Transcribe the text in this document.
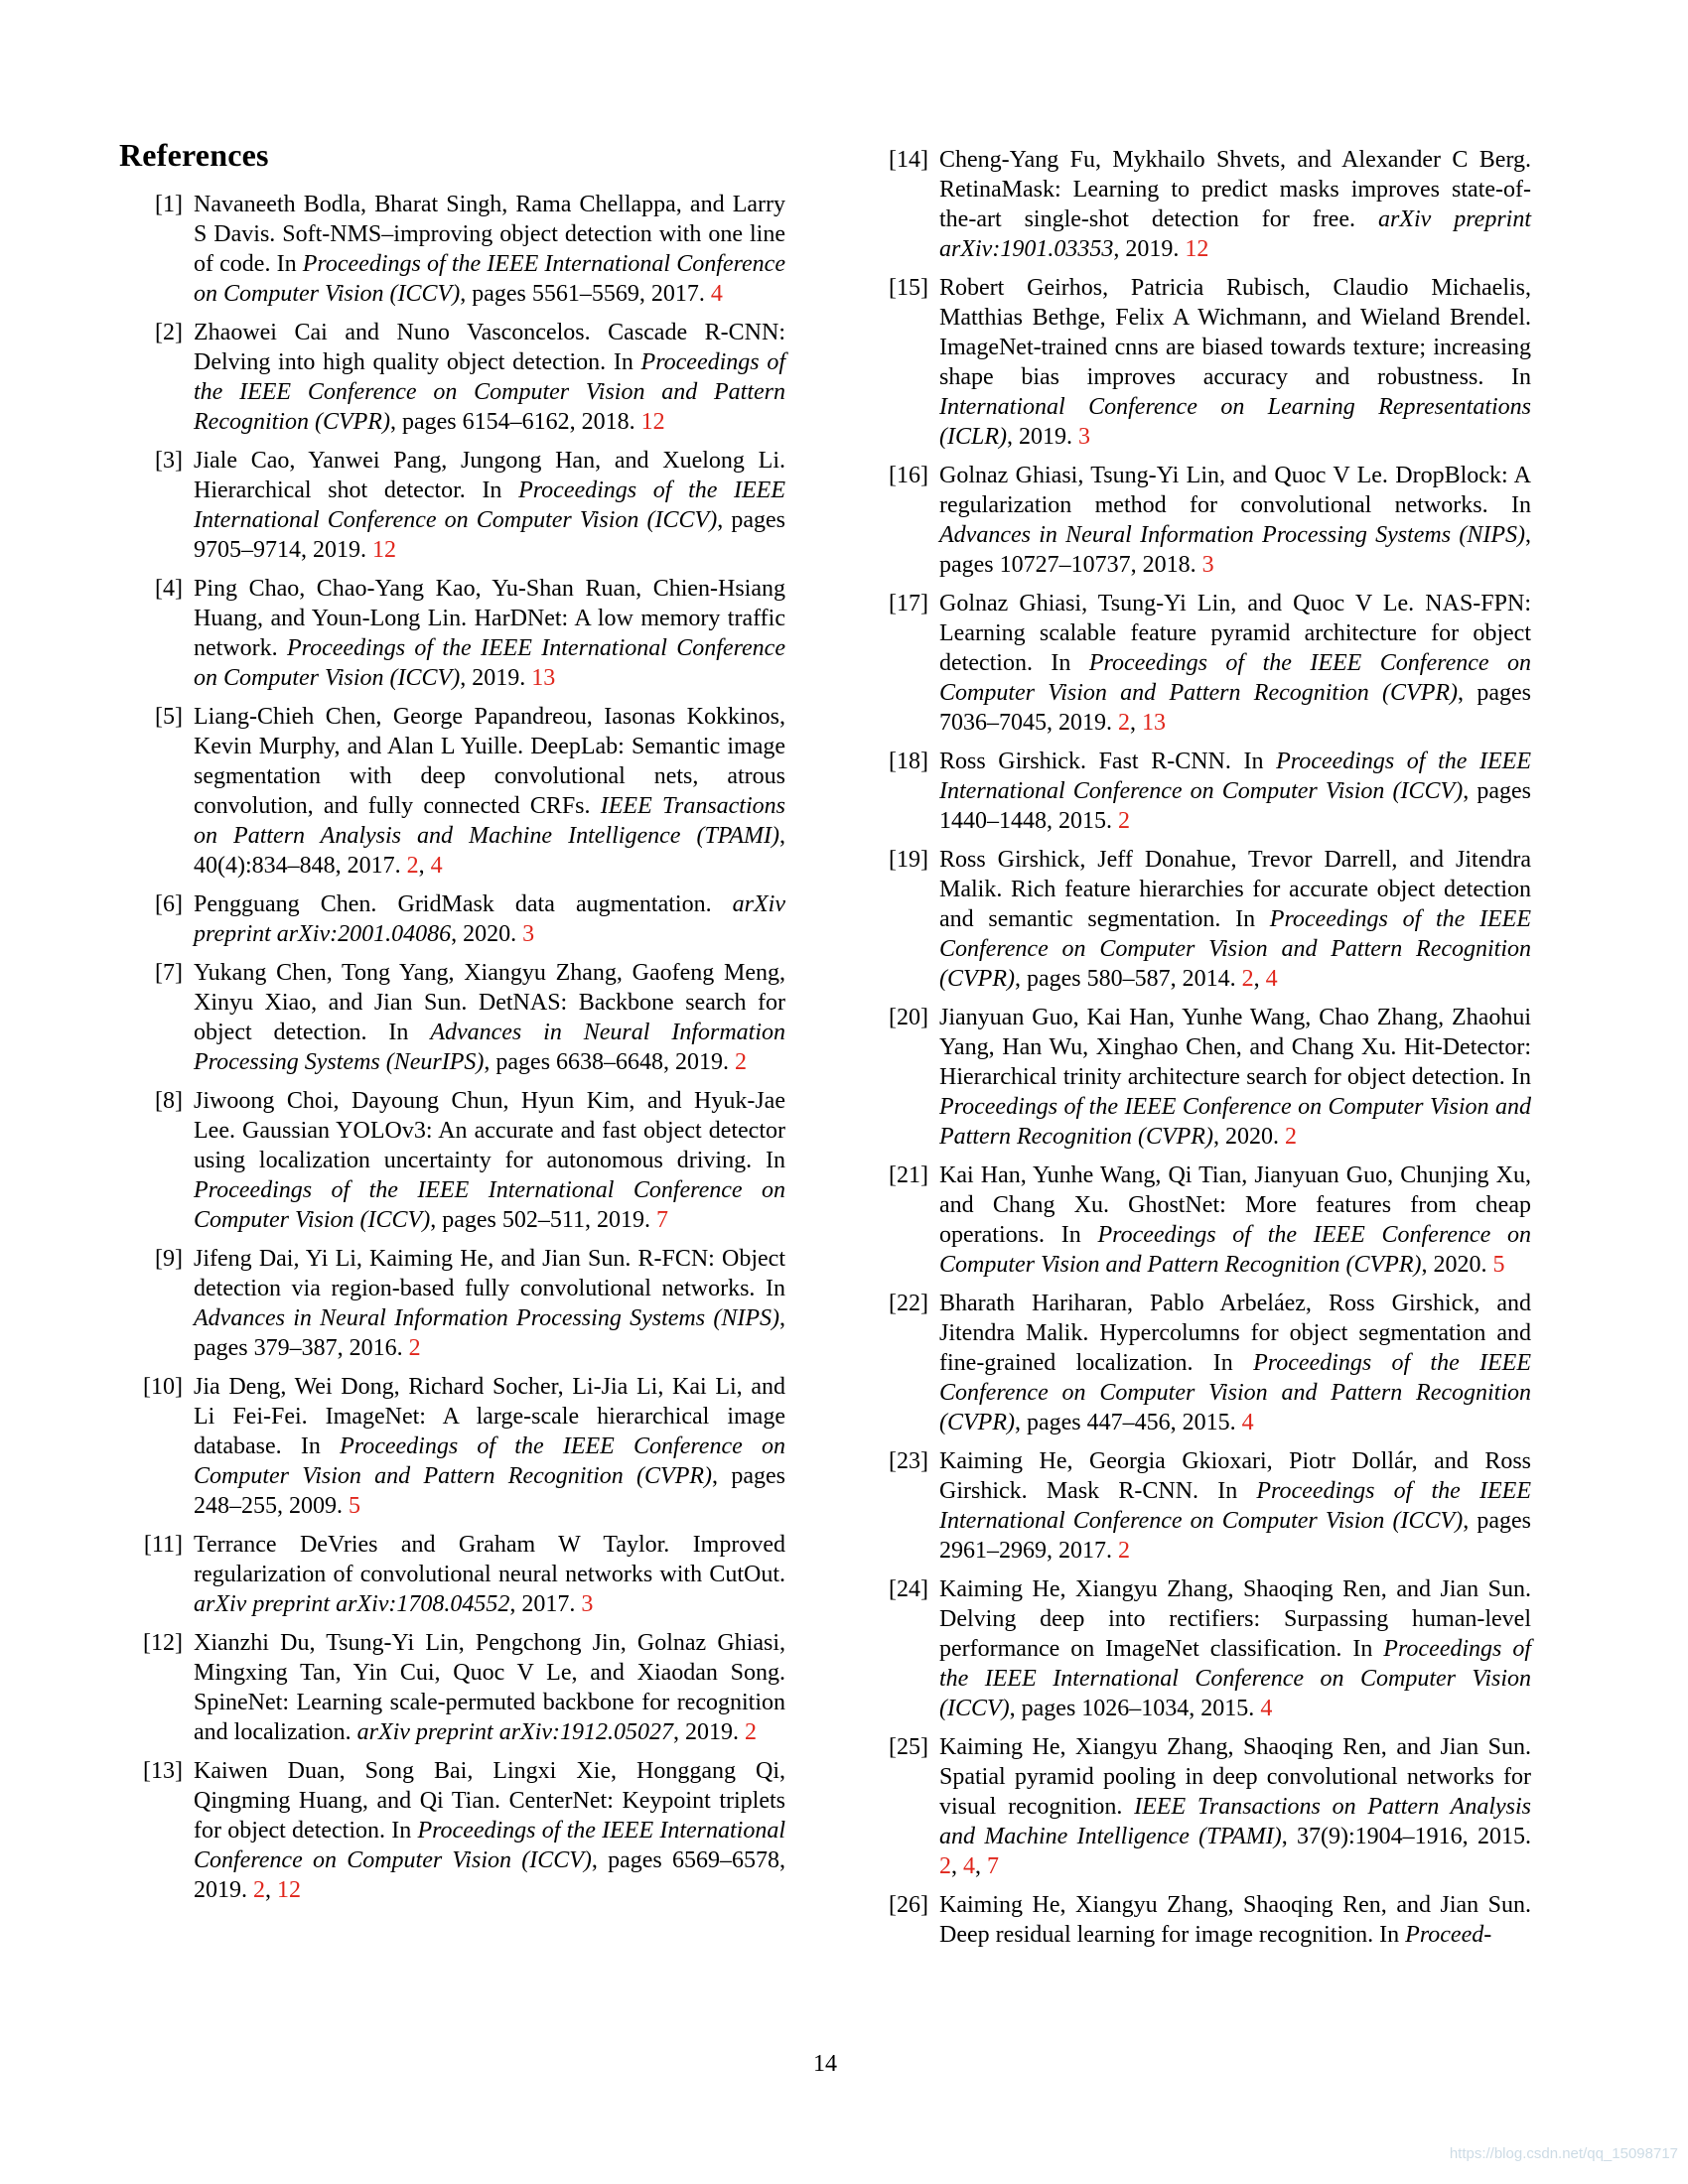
References
[1] Navaneeth Bodla, Bharat Singh, Rama Chellappa, and Larry S Davis. Soft-NMS–improving object detection with one line of code. In Proceedings of the IEEE International Conference on Computer Vision (ICCV), pages 5561–5569, 2017. 4
[2] Zhaowei Cai and Nuno Vasconcelos. Cascade R-CNN: Delving into high quality object detection. In Proceedings of the IEEE Conference on Computer Vision and Pattern Recognition (CVPR), pages 6154–6162, 2018. 12
[3] Jiale Cao, Yanwei Pang, Jungong Han, and Xuelong Li. Hierarchical shot detector. In Proceedings of the IEEE International Conference on Computer Vision (ICCV), pages 9705–9714, 2019. 12
[4] Ping Chao, Chao-Yang Kao, Yu-Shan Ruan, Chien-Hsiang Huang, and Youn-Long Lin. HarDNet: A low memory traffic network. Proceedings of the IEEE International Conference on Computer Vision (ICCV), 2019. 13
[5] Liang-Chieh Chen, George Papandreou, Iasonas Kokkinos, Kevin Murphy, and Alan L Yuille. DeepLab: Semantic image segmentation with deep convolutional nets, atrous convolution, and fully connected CRFs. IEEE Transactions on Pattern Analysis and Machine Intelligence (TPAMI), 40(4):834–848, 2017. 2, 4
[6] Pengguang Chen. GridMask data augmentation. arXiv preprint arXiv:2001.04086, 2020. 3
[7] Yukang Chen, Tong Yang, Xiangyu Zhang, Gaofeng Meng, Xinyu Xiao, and Jian Sun. DetNAS: Backbone search for object detection. In Advances in Neural Information Processing Systems (NeurIPS), pages 6638–6648, 2019. 2
[8] Jiwoong Choi, Dayoung Chun, Hyun Kim, and Hyuk-Jae Lee. Gaussian YOLOv3: An accurate and fast object detector using localization uncertainty for autonomous driving. In Proceedings of the IEEE International Conference on Computer Vision (ICCV), pages 502–511, 2019. 7
[9] Jifeng Dai, Yi Li, Kaiming He, and Jian Sun. R-FCN: Object detection via region-based fully convolutional networks. In Advances in Neural Information Processing Systems (NIPS), pages 379–387, 2016. 2
[10] Jia Deng, Wei Dong, Richard Socher, Li-Jia Li, Kai Li, and Li Fei-Fei. ImageNet: A large-scale hierarchical image database. In Proceedings of the IEEE Conference on Computer Vision and Pattern Recognition (CVPR), pages 248–255, 2009. 5
[11] Terrance DeVries and Graham W Taylor. Improved regularization of convolutional neural networks with CutOut. arXiv preprint arXiv:1708.04552, 2017. 3
[12] Xianzhi Du, Tsung-Yi Lin, Pengchong Jin, Golnaz Ghiasi, Mingxing Tan, Yin Cui, Quoc V Le, and Xiaodan Song. SpineNet: Learning scale-permuted backbone for recognition and localization. arXiv preprint arXiv:1912.05027, 2019. 2
[13] Kaiwen Duan, Song Bai, Lingxi Xie, Honggang Qi, Qingming Huang, and Qi Tian. CenterNet: Keypoint triplets for object detection. In Proceedings of the IEEE International Conference on Computer Vision (ICCV), pages 6569–6578, 2019. 2, 12
[14] Cheng-Yang Fu, Mykhailo Shvets, and Alexander C Berg. RetinaMask: Learning to predict masks improves state-of-the-art single-shot detection for free. arXiv preprint arXiv:1901.03353, 2019. 12
[15] Robert Geirhos, Patricia Rubisch, Claudio Michaelis, Matthias Bethge, Felix A Wichmann, and Wieland Brendel. ImageNet-trained cnns are biased towards texture; increasing shape bias improves accuracy and robustness. In International Conference on Learning Representations (ICLR), 2019. 3
[16] Golnaz Ghiasi, Tsung-Yi Lin, and Quoc V Le. DropBlock: A regularization method for convolutional networks. In Advances in Neural Information Processing Systems (NIPS), pages 10727–10737, 2018. 3
[17] Golnaz Ghiasi, Tsung-Yi Lin, and Quoc V Le. NAS-FPN: Learning scalable feature pyramid architecture for object detection. In Proceedings of the IEEE Conference on Computer Vision and Pattern Recognition (CVPR), pages 7036–7045, 2019. 2, 13
[18] Ross Girshick. Fast R-CNN. In Proceedings of the IEEE International Conference on Computer Vision (ICCV), pages 1440–1448, 2015. 2
[19] Ross Girshick, Jeff Donahue, Trevor Darrell, and Jitendra Malik. Rich feature hierarchies for accurate object detection and semantic segmentation. In Proceedings of the IEEE Conference on Computer Vision and Pattern Recognition (CVPR), pages 580–587, 2014. 2, 4
[20] Jianyuan Guo, Kai Han, Yunhe Wang, Chao Zhang, Zhaohui Yang, Han Wu, Xinghao Chen, and Chang Xu. Hit-Detector: Hierarchical trinity architecture search for object detection. In Proceedings of the IEEE Conference on Computer Vision and Pattern Recognition (CVPR), 2020. 2
[21] Kai Han, Yunhe Wang, Qi Tian, Jianyuan Guo, Chunjing Xu, and Chang Xu. GhostNet: More features from cheap operations. In Proceedings of the IEEE Conference on Computer Vision and Pattern Recognition (CVPR), 2020. 5
[22] Bharath Hariharan, Pablo Arbeláez, Ross Girshick, and Jitendra Malik. Hypercolumns for object segmentation and fine-grained localization. In Proceedings of the IEEE Conference on Computer Vision and Pattern Recognition (CVPR), pages 447–456, 2015. 4
[23] Kaiming He, Georgia Gkioxari, Piotr Dollár, and Ross Girshick. Mask R-CNN. In Proceedings of the IEEE International Conference on Computer Vision (ICCV), pages 2961–2969, 2017. 2
[24] Kaiming He, Xiangyu Zhang, Shaoqing Ren, and Jian Sun. Delving deep into rectifiers: Surpassing human-level performance on ImageNet classification. In Proceedings of the IEEE International Conference on Computer Vision (ICCV), pages 1026–1034, 2015. 4
[25] Kaiming He, Xiangyu Zhang, Shaoqing Ren, and Jian Sun. Spatial pyramid pooling in deep convolutional networks for visual recognition. IEEE Transactions on Pattern Analysis and Machine Intelligence (TPAMI), 37(9):1904–1916, 2015. 2, 4, 7
[26] Kaiming He, Xiangyu Zhang, Shaoqing Ren, and Jian Sun. Deep residual learning for image recognition. In Proceed-
14
https://blog.csdn.net/qq_15098717
